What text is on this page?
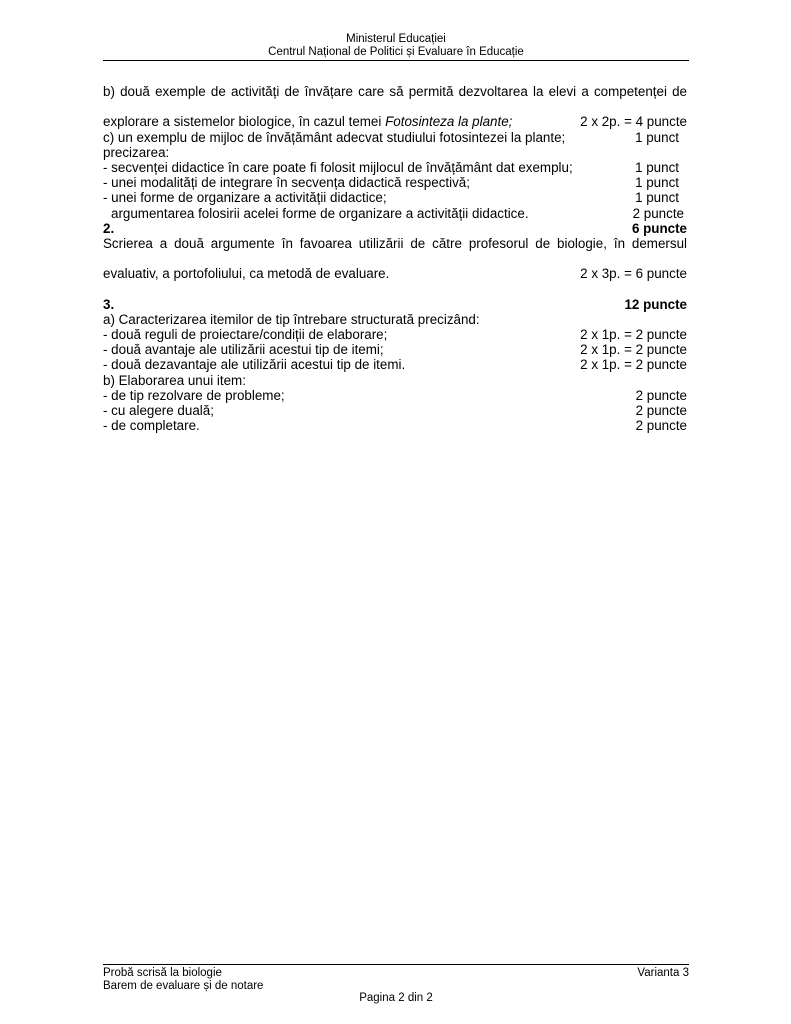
Ministerul Educației
Centrul Național de Politici și Evaluare în Educație
b) două exemple de activități de învățare care să permită dezvoltarea la elevi a competenței de
explorare a sistemelor biologice, în cazul temei Fotosinteza la plante;	2 x 2p. = 4 puncte
c) un exemplu de mijloc de învățământ adecvat studiului fotosintezei la plante;	1 punct
precizarea:
- secvenței didactice în care poate fi folosit mijlocul de învățământ dat exemplu;	1 punct
- unei modalități de integrare în secvența didactică respectivă;	1 punct
- unei forme de organizare a activității didactice;	1 punct
argumentarea folosirii acelei forme de organizare a activității didactice.	2 puncte
2.	6 puncte
Scrierea a două argumente în favoarea utilizării de către profesorul de biologie, în demersul
evaluativ, a portofoliului, ca metodă de evaluare.	2 x 3p. = 6 puncte
3.	12 puncte
a) Caracterizarea itemilor de tip întrebare structurată precizând:
- două reguli de proiectare/condiții de elaborare;	2 x 1p. = 2 puncte
- două avantaje ale utilizării acestui tip de itemi;	2 x 1p. = 2 puncte
- două dezavantaje ale utilizării acestui tip de itemi.	2 x 1p. = 2 puncte
b) Elaborarea unui item:
- de tip rezolvare de probleme;	2 puncte
- cu alegere duală;	2 puncte
- de completare.	2 puncte
Probă scrisă la biologie
Barem de evaluare și de notare
Varianta 3
Pagina 2 din 2
